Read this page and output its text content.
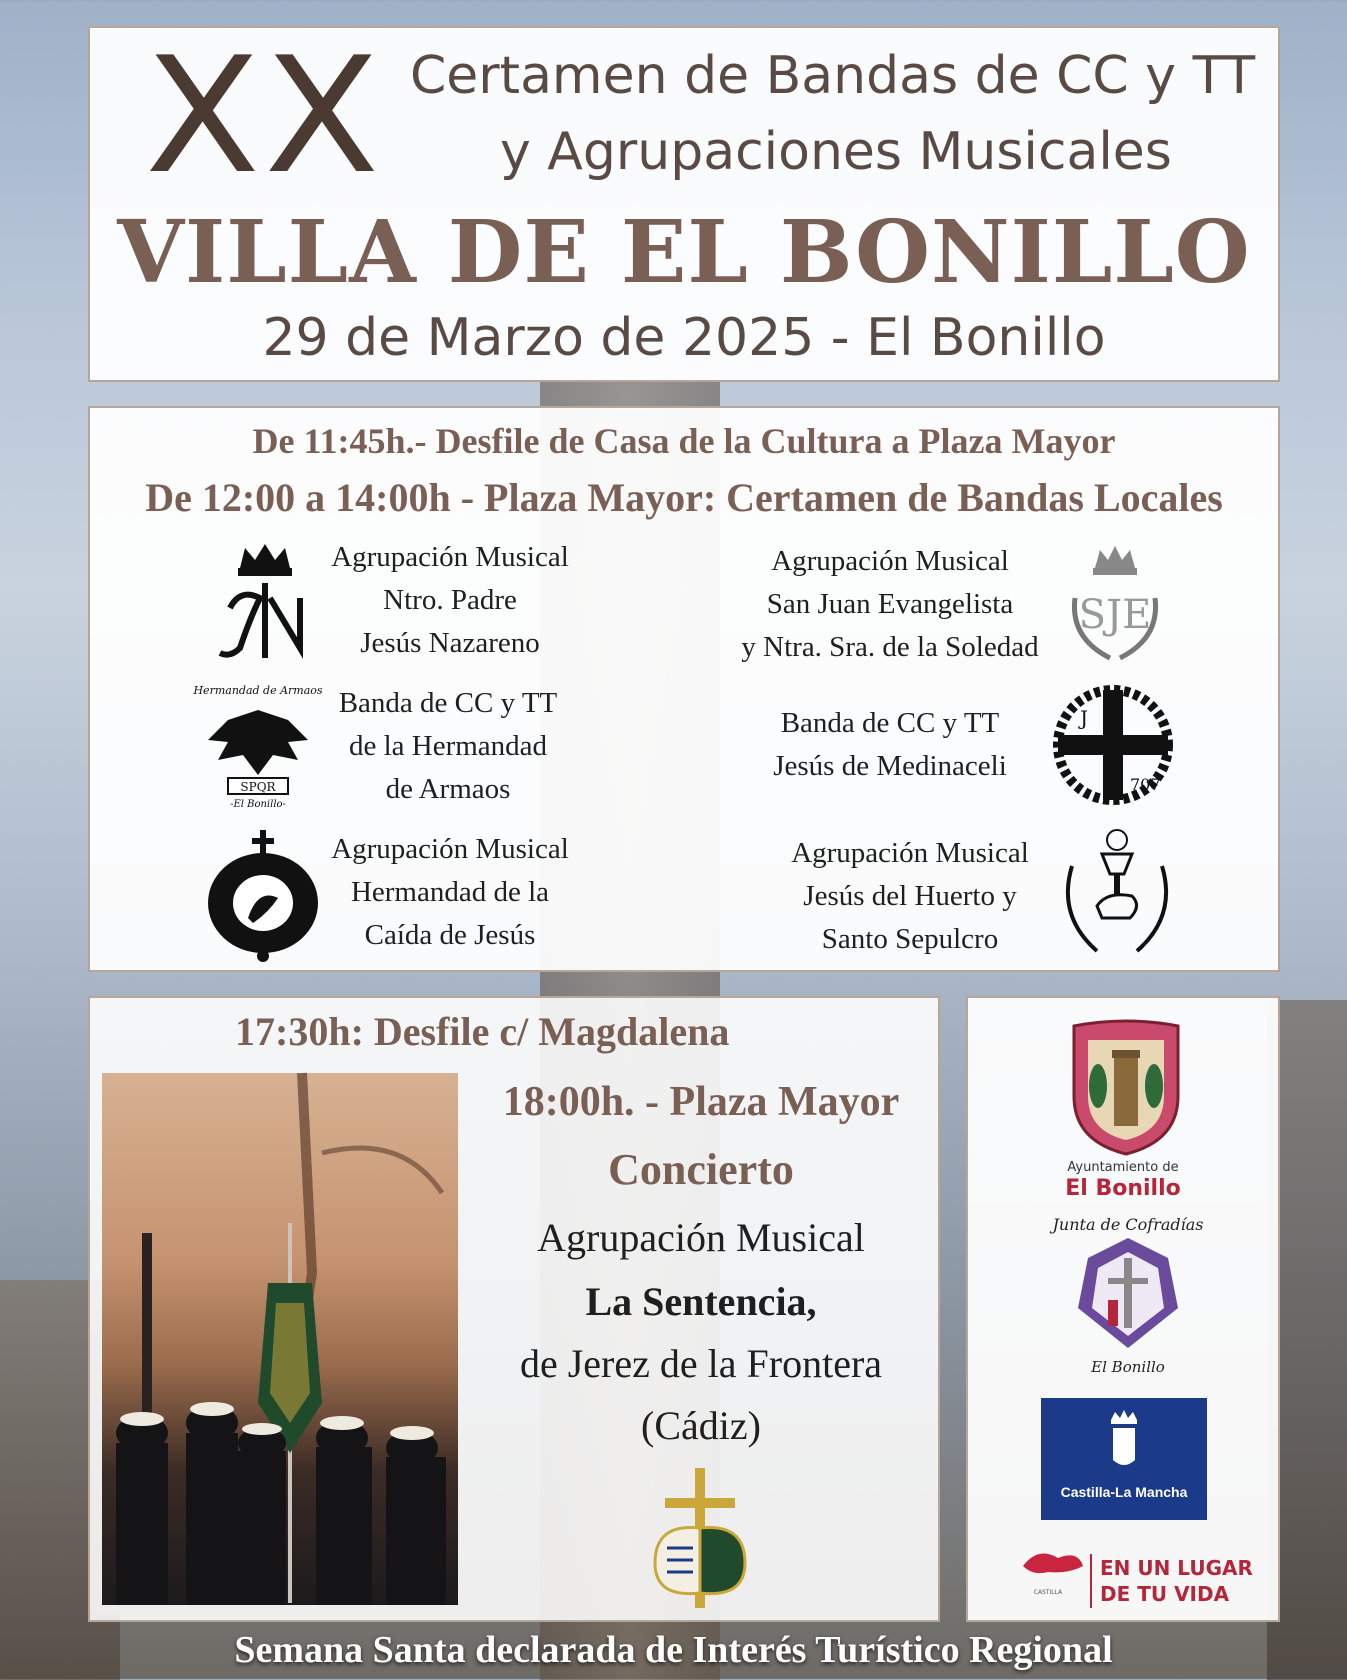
XX Certamen de Bandas de CC y TT
y Agrupaciones Musicales
VILLA DE EL BONILLO
29 de Marzo de 2025 - El Bonillo
De 11:45h.- Desfile de Casa de la Cultura a Plaza Mayor
De 12:00 a 14:00h - Plaza Mayor: Certamen de Bandas Locales
Agrupación Musical
Ntro. Padre
Jesús Nazareno
Agrupación Musical
San Juan Evangelista
y Ntra. Sra. de la Soledad
SJE
Hermandad de Armaos
SPQR
-El Bonillo-
Banda de CC y TT
de la Hermandad
de Armaos
Banda de CC y TT
Jesús de Medinaceli
J
707
Agrupación Musical
Hermandad de la
Caída de Jesús
Agrupación Musical
Jesús del Huerto y
Santo Sepulcro
17:30h: Desfile c/ Magdalena
18:00h. - Plaza Mayor
Concierto
Agrupación Musical
La Sentencia,
de Jerez de la Frontera
(Cádiz)
Ayuntamiento de
El Bonillo
Junta de Cofradías
El Bonillo
Castilla-La Mancha
CASTILLA
EN UN LUGAR
DE TU VIDA
Semana Santa declarada de Interés Turístico Regional
